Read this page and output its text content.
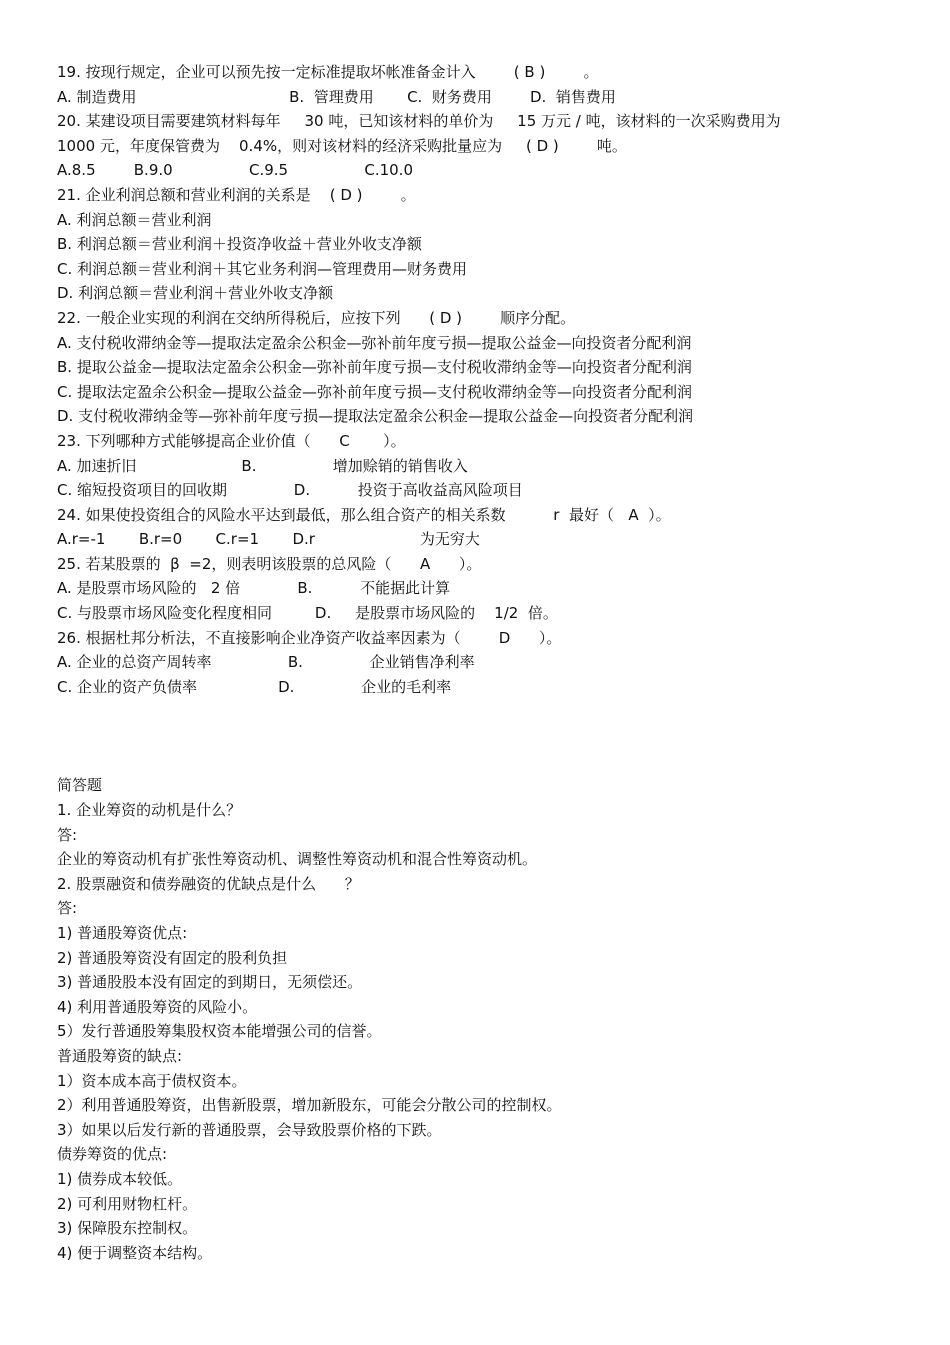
19. 按现行规定，企业可以预先按一定标准提取坏帐准备金计入        ( B )        。
A. 制造费用                                B.  管理费用       C.  财务费用        D.  销售费用
20. 某建设项目需要建筑材料每年     30 吨，已知该材料的单价为     15 万元 / 吨，该材料的一次采购费用为
1000 元，年度保管费为    0.4%，则对该材料的经济采购批量应为     ( D )        吨。
A.8.5        B.9.0                C.9.5                C.10.0
21. 企业利润总额和营业利润的关系是    ( D )        。
A. 利润总额＝营业利润
B. 利润总额＝营业利润＋投资净收益＋营业外收支净额
C. 利润总额＝营业利润＋其它业务利润—管理费用—财务费用
D. 利润总额＝营业利润＋营业外收支净额
22. 一般企业实现的利润在交纳所得税后，应按下列      ( D )        顺序分配。
A. 支付税收滞纳金等—提取法定盈余公积金—弥补前年度亏损—提取公益金—向投资者分配利润
B. 提取公益金—提取法定盈余公积金—弥补前年度亏损—支付税收滞纳金等—向投资者分配利润
C. 提取法定盈余公积金—提取公益金—弥补前年度亏损—支付税收滞纳金等—向投资者分配利润
D. 支付税收滞纳金等—弥补前年度亏损—提取法定盈余公积金—提取公益金—向投资者分配利润
23. 下列哪种方式能够提高企业价值（      C       ）。
A. 加速折旧                      B.                增加赊销的销售收入
C. 缩短投资项目的回收期              D.          投资于高收益高风险项目
24. 如果使投资组合的风险水平达到最低，那么组合资产的相关系数          r  最好（   A  ）。
A.r=-1       B.r=0       C.r=1       D.r                      为无穷大
25. 若某股票的  β  =2，则表明该股票的总风险（      A      ）。
A. 是股票市场风险的   2 倍            B.          不能据此计算
C. 与股票市场风险变化程度相同         D.     是股票市场风险的    1/2  倍。
26. 根据杜邦分析法，不直接影响企业净资产收益率因素为（        D      ）。
A. 企业的总资产周转率                B.              企业销售净利率
C. 企业的资产负债率                 D.              企业的毛利率
简答题
1. 企业筹资的动机是什么？
答:
企业的筹资动机有扩张性筹资动机、调整性筹资动机和混合性筹资动机。
2. 股票融资和债券融资的优缺点是什么      ？
答:
1) 普通股筹资优点:
2) 普通股筹资没有固定的股利负担
3) 普通股股本没有固定的到期日，无须偿还。
4) 利用普通股筹资的风险小。
5）发行普通股筹集股权资本能增强公司的信誉。
普通股筹资的缺点:
1）资本成本高于债权资本。
2）利用普通股筹资，出售新股票，增加新股东，可能会分散公司的控制权。
3）如果以后发行新的普通股票，会导致股票价格的下跌。
债券筹资的优点:
1) 债券成本较低。
2) 可利用财物杠杆。
3) 保障股东控制权。
4) 便于调整资本结构。
